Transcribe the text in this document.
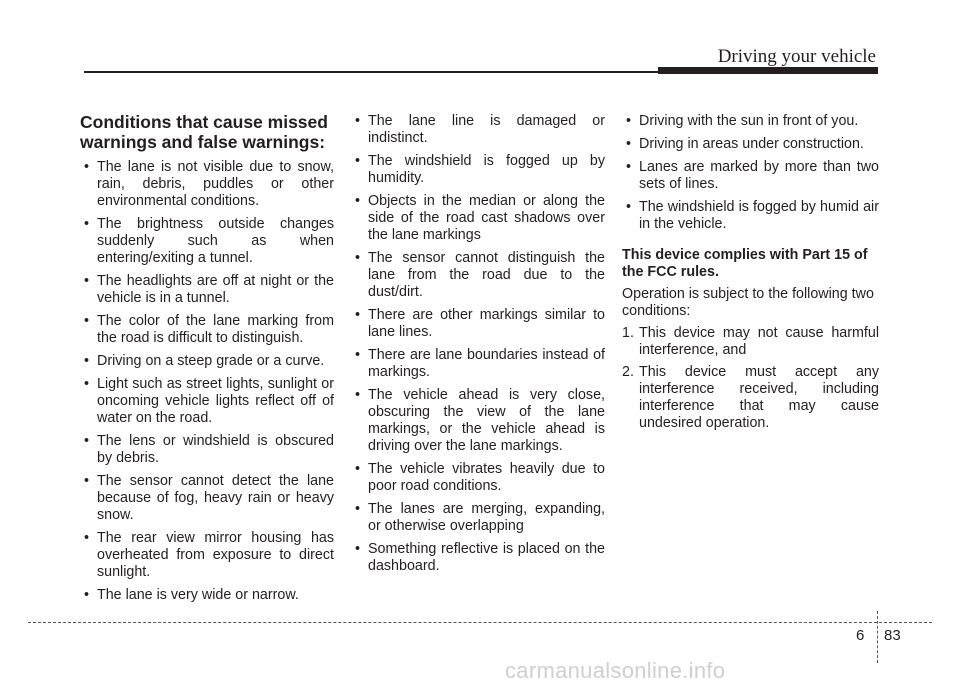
Driving your vehicle
Conditions that cause missed warnings and false warnings:
• The lane is not visible due to snow, rain, debris, puddles or other environmental conditions.
• The brightness outside changes suddenly such as when entering/exiting a tunnel.
• The headlights are off at night or the vehicle is in a tunnel.
• The color of the lane marking from the road is difficult to distinguish.
• Driving on a steep grade or a curve.
• Light such as street lights, sunlight or oncoming vehicle lights reflect off of water on the road.
• The lens or windshield is obscured by debris.
• The sensor cannot detect the lane because of fog, heavy rain or heavy snow.
• The rear view mirror housing has overheated from exposure to direct sunlight.
• The lane is very wide or narrow.
• The lane line is damaged or indistinct.
• The windshield is fogged up by humidity.
• Objects in the median or along the side of the road cast shadows over the lane markings
• The sensor cannot distinguish the lane from the road due to the dust/dirt.
• There are other markings similar to lane lines.
• There are lane boundaries instead of markings.
• The vehicle ahead is very close, obscuring the view of the lane markings, or the vehicle ahead is driving over the lane markings.
• The vehicle vibrates heavily due to poor road conditions.
• The lanes are merging, expanding, or otherwise overlapping
• Something reflective is placed on the dashboard.
• Driving with the sun in front of you.
• Driving in areas under construction.
• Lanes are marked by more than two sets of lines.
• The windshield is fogged by humid air in the vehicle.
This device complies with Part 15 of the FCC rules.
Operation is subject to the following two conditions:
1. This device may not cause harmful interference, and
2. This device must accept any interference received, including interference that may cause undesired operation.
6 83
carmanualsonline.info
